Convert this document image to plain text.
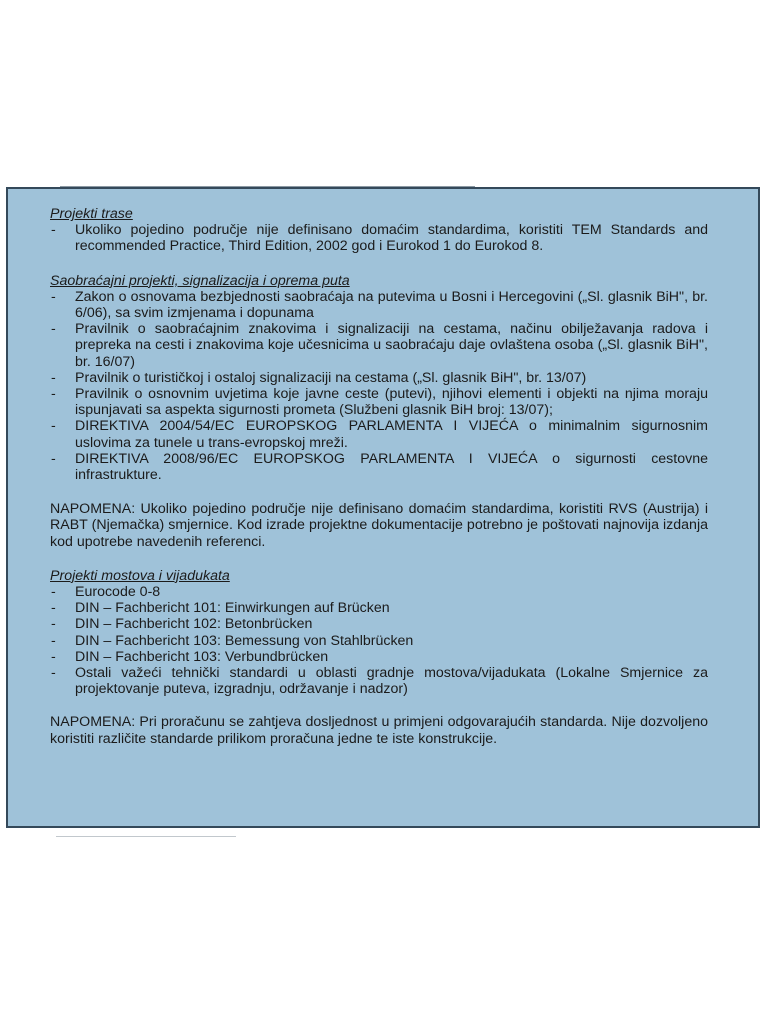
Projekti trase

- Ukoliko pojedino područje nije definisano domaćim standardima, koristiti TEM Standards and recommended Practice, Third Edition, 2002 god i Eurokod 1 do Eurokod 8.

Saobraćajni projekti, signalizacija i oprema puta

- Zakon o osnovama bezbjednosti saobraćaja na putevima u Bosni i Hercegovini („Sl. glasnik BiH", br. 6/06), sa svim izmjenama i dopunama
- Pravilnik o saobraćajnim znakovima i signalizaciji na cestama, načinu obilježavanja radova i prepreka na cesti i znakovima koje učesnicima u saobraćaju daje ovlaštena osoba („Sl. glasnik BiH", br. 16/07)
- Pravilnik o turističkoj i ostaloj signalizaciji na cestama („Sl. glasnik BiH", br. 13/07)
- Pravilnik o osnovnim uvjetima koje javne ceste (putevi), njihovi elementi i objekti na njima moraju ispunjavati sa aspekta sigurnosti prometa (Službeni glasnik BiH broj: 13/07);
- DIREKTIVA 2004/54/EC EUROPSKOG PARLAMENTA I VIJEĆA o minimalnim sigurnosnim uslovima za tunele u trans-evropskoj mreži.
- DIREKTIVA 2008/96/EC EUROPSKOG PARLAMENTA I VIJEĆA o sigurnosti cestovne infrastrukture.

NAPOMENA: Ukoliko pojedino područje nije definisano domaćim standardima, koristiti RVS (Austrija) i RABT (Njemačka) smjernice. Kod izrade projektne dokumentacije potrebno je poštovati najnovija izdanja kod upotrebe navedenih referenci.

Projekti mostova i vijadukata

- Eurocode 0-8
- DIN – Fachbericht 101: Einwirkungen auf Brücken
- DIN – Fachbericht 102: Betonbrücken
- DIN – Fachbericht 103: Bemessung von Stahlbrücken
- DIN – Fachbericht 103: Verbundbrücken
- Ostali važeći tehnički standardi u oblasti gradnje mostova/vijadukata (Lokalne Smjernice za projektovanje puteva, izgradnju, održavanje i nadzor)

NAPOMENA: Pri proračunu se zahtjeva dosljednost u primjeni odgovarajućih standarda. Nije dozvoljeno koristiti različite standarde prilikom proračuna jedne te iste konstrukcije.
